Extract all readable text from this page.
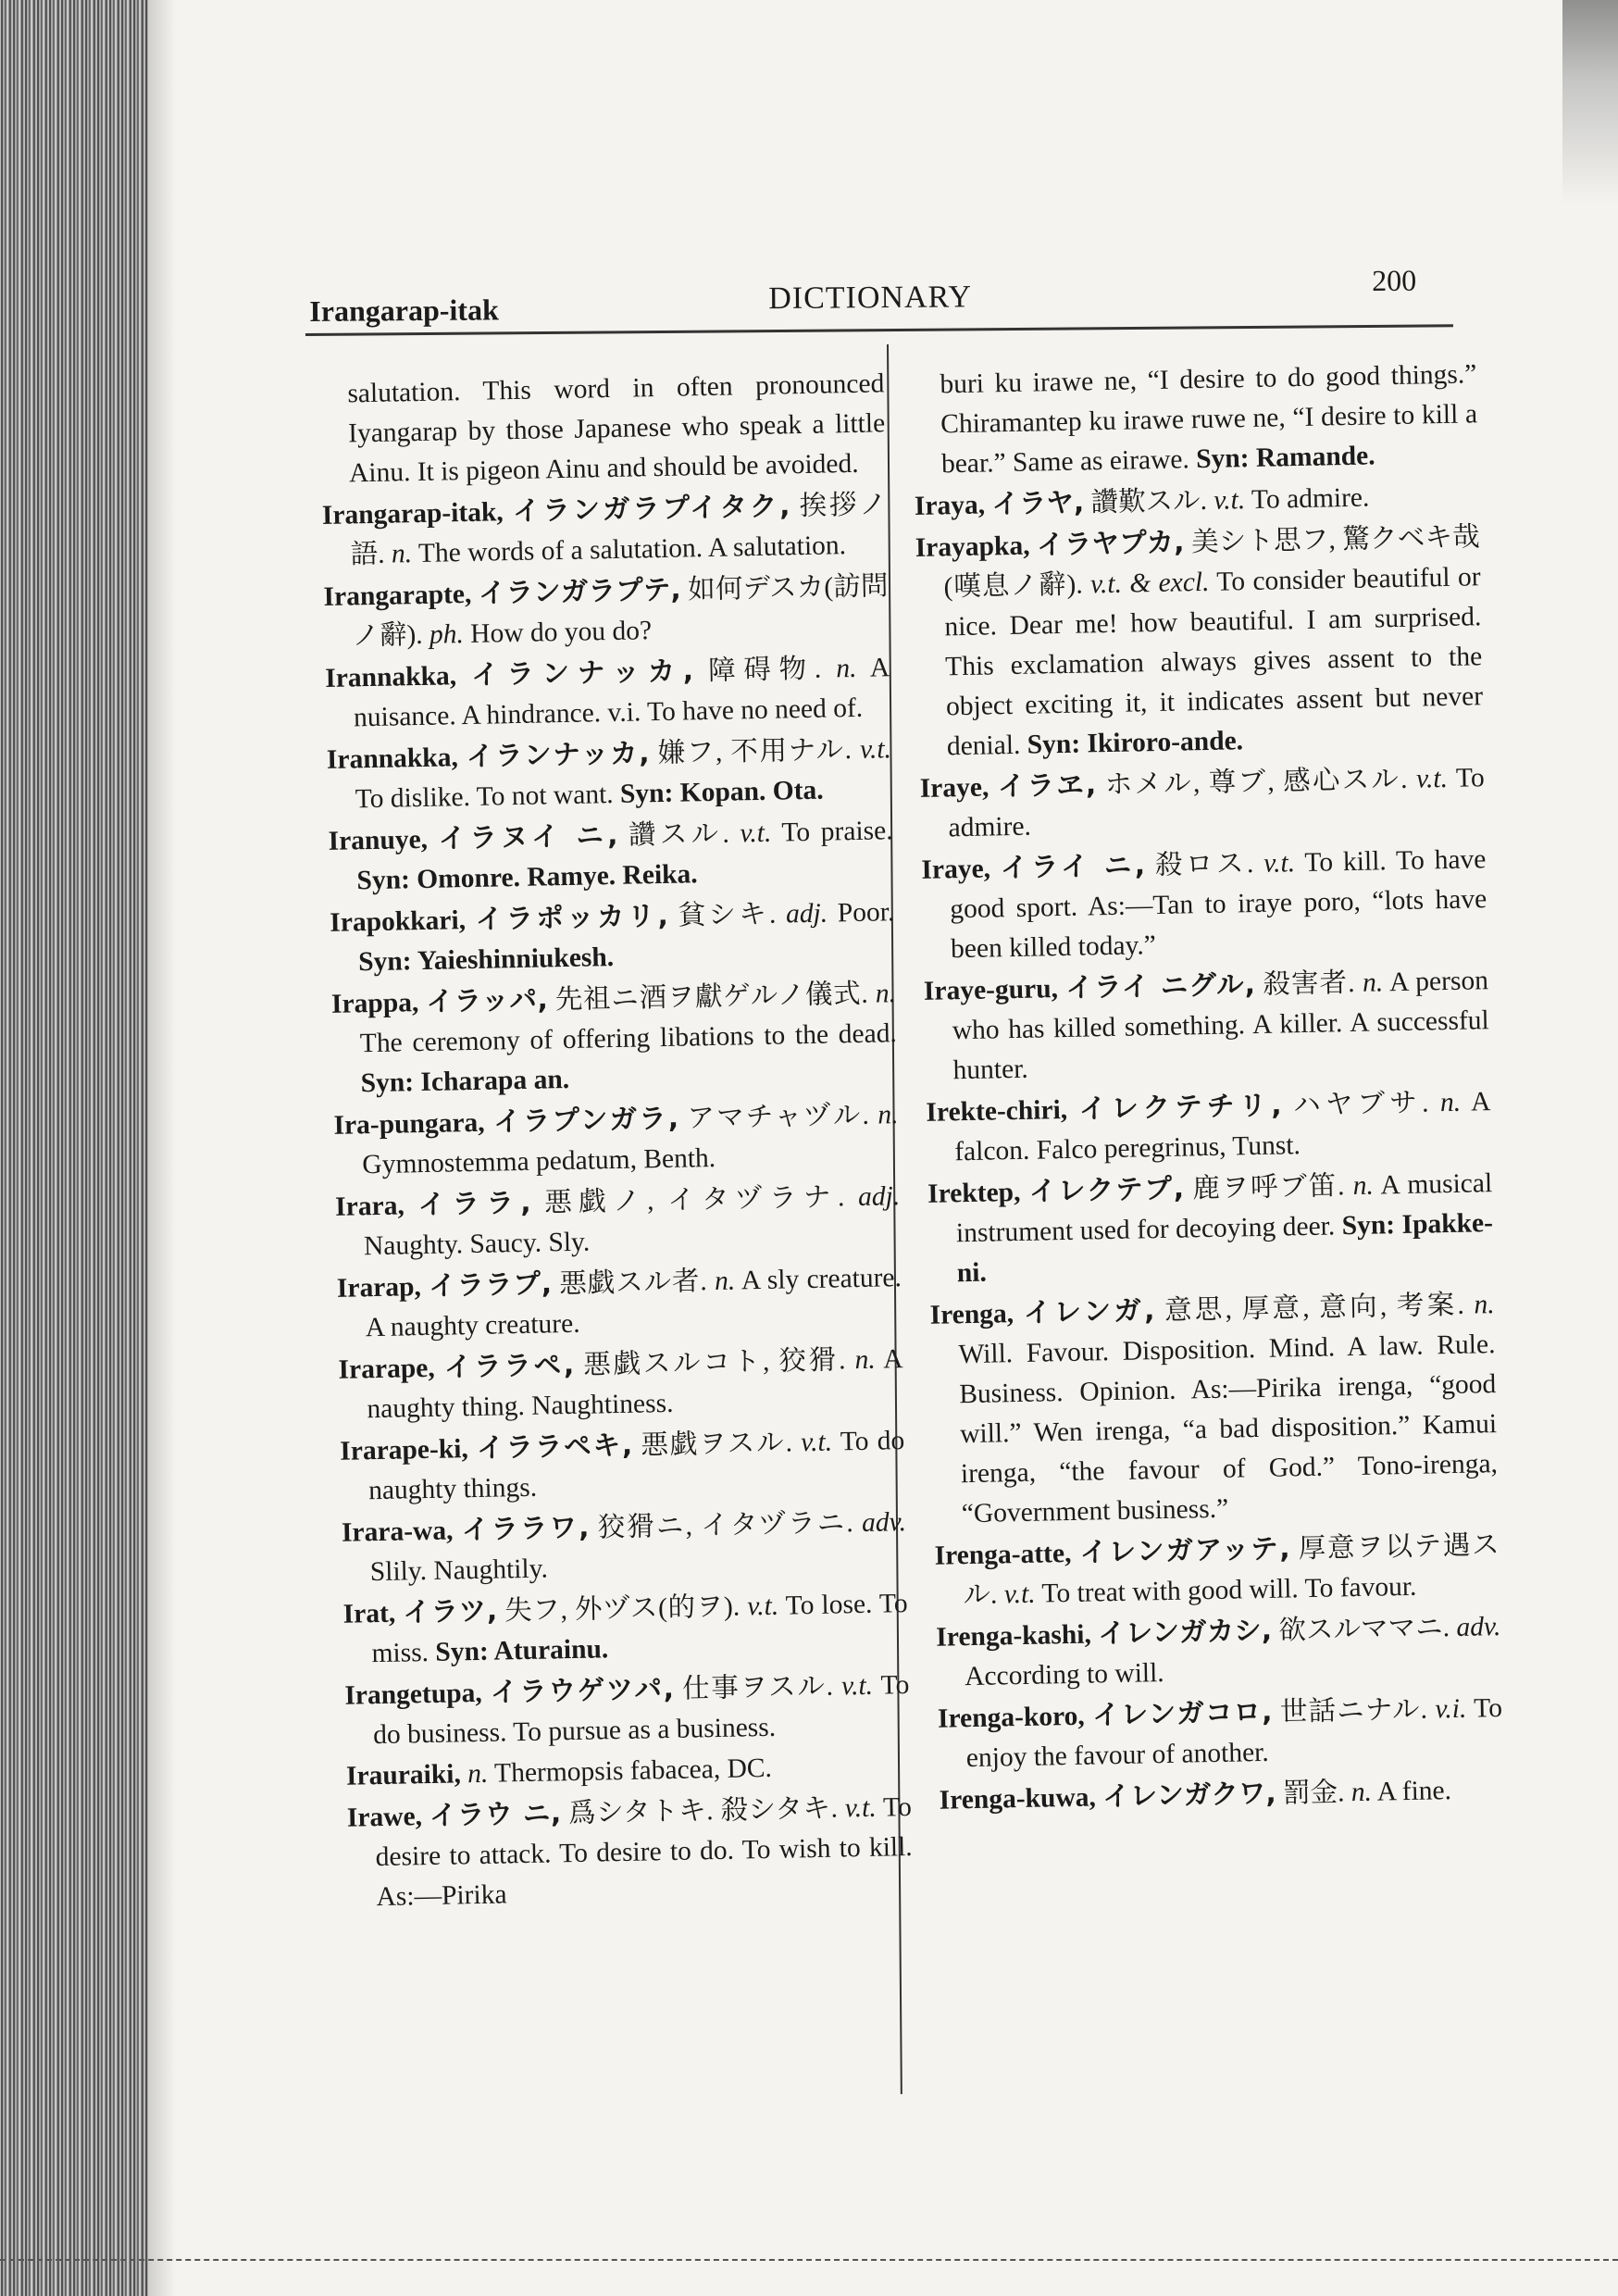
Irangarap-itak	DICTIONARY	200

salutation. This word in often pronounced Iyangarap by those Japanese who speak a little Ainu. It is pigeon Ainu and should be avoided.

Irangarap-itak, イランガラプイタク, 挨拶ノ語. n. The words of a salutation. A salutation.

Irangarapte, イランガラプテ, 如何デスカ(訪問ノ辭). ph. How do you do?

Irannakka, イランナッカ, 障碍物. n. A nuisance. A hindrance. v.i. To have no need of.

Irannakka, イランナッカ, 嫌フ, 不用ナル. v.t. To dislike. To not want. Syn: Kopan. Ota.

Iranuye, イラヌイ ニ, 讚スル. v.t. To praise. Syn: Omonre. Ramye. Reika.

Irapokkari, イラポッカリ, 貧シキ. adj. Poor. Syn: Yaieshinniukesh.

Irappa, イラッパ, 先祖ニ酒ヲ獻ゲルノ儀式. n. The ceremony of offering libations to the dead. Syn: Icharapa an.

Ira-pungara, イラプンガラ, アマチャヅル. n. Gymnostemma pedatum, Benth.

Irara, イララ, 悪戯ノ, イタヅラナ. adj. Naughty. Saucy. Sly.

Irarap, イララプ, 悪戯スル者. n. A sly creature. A naughty creature.

Irarape, イララペ, 悪戯スルコト, 狡猾. n. A naughty thing. Naughtiness.

Irarape-ki, イララペキ, 悪戯ヲスル. v.t. To do naughty things.

Irara-wa, イララワ, 狡猾ニ, イタヅラニ. adv. Slily. Naughtily.

Irat, イラツ, 失フ, 外ヅス(的ヲ). v.t. To lose. To miss. Syn: Aturainu.

Irangetupa, イラウゲツパ, 仕事ヲスル. v.t. To do business. To pursue as a business.

Irauraiki, n. Thermopsis fabacea, DC.

Irawe, イラウ ニ, 爲シタトキ. 殺シタキ. v.t. To desire to attack. To desire to do. To wish to kill. As:—Pirika

buri ku irawe ne, “I desire to do good things.” Chiramantep ku irawe ruwe ne, “I desire to kill a bear.” Same as eirawe. Syn: Ramande.

Iraya, イラヤ, 讚歎スル. v.t. To admire.

Irayapka, イラヤプカ, 美シト思フ, 驚クベキ哉(嘆息ノ辭). v.t. & excl. To consider beautiful or nice. Dear me! how beautiful. I am surprised. This exclamation always gives assent to the object exciting it, it indicates assent but never denial. Syn: Ikiroro-ande.

Iraye, イラヱ, ホメル, 尊ブ, 感心スル. v.t. To admire.

Iraye, イライ ニ, 殺ロス. v.t. To kill. To have good sport. As:—Tan to iraye poro, “lots have been killed today.”

Iraye-guru, イライ ニグル, 殺害者. n. A person who has killed something. A killer. A successful hunter.

Irekte-chiri, イレクテチリ, ハヤブサ. n. A falcon. Falco peregrinus, Tunst.

Irektep, イレクテプ, 鹿ヲ呼ブ笛. n. A musical instrument used for decoying deer. Syn: Ipakke-ni.

Irenga, イレンガ, 意思, 厚意, 意向, 考案. n. Will. Favour. Disposition. Mind. A law. Rule. Business. Opinion. As:—Pirika irenga, “good will.” Wen irenga, “a bad disposition.” Kamui irenga, “the favour of God.” Tono-irenga, “Government business.”

Irenga-atte, イレンガアッテ, 厚意ヲ以テ遇スル. v.t. To treat with good will. To favour.

Irenga-kashi, イレンガカシ, 欲スルママニ. adv. According to will.

Irenga-koro, イレンガコロ, 世話ニナル. v.i. To enjoy the favour of another.

Irenga-kuwa, イレンガクワ, 罰金. n. A fine.
